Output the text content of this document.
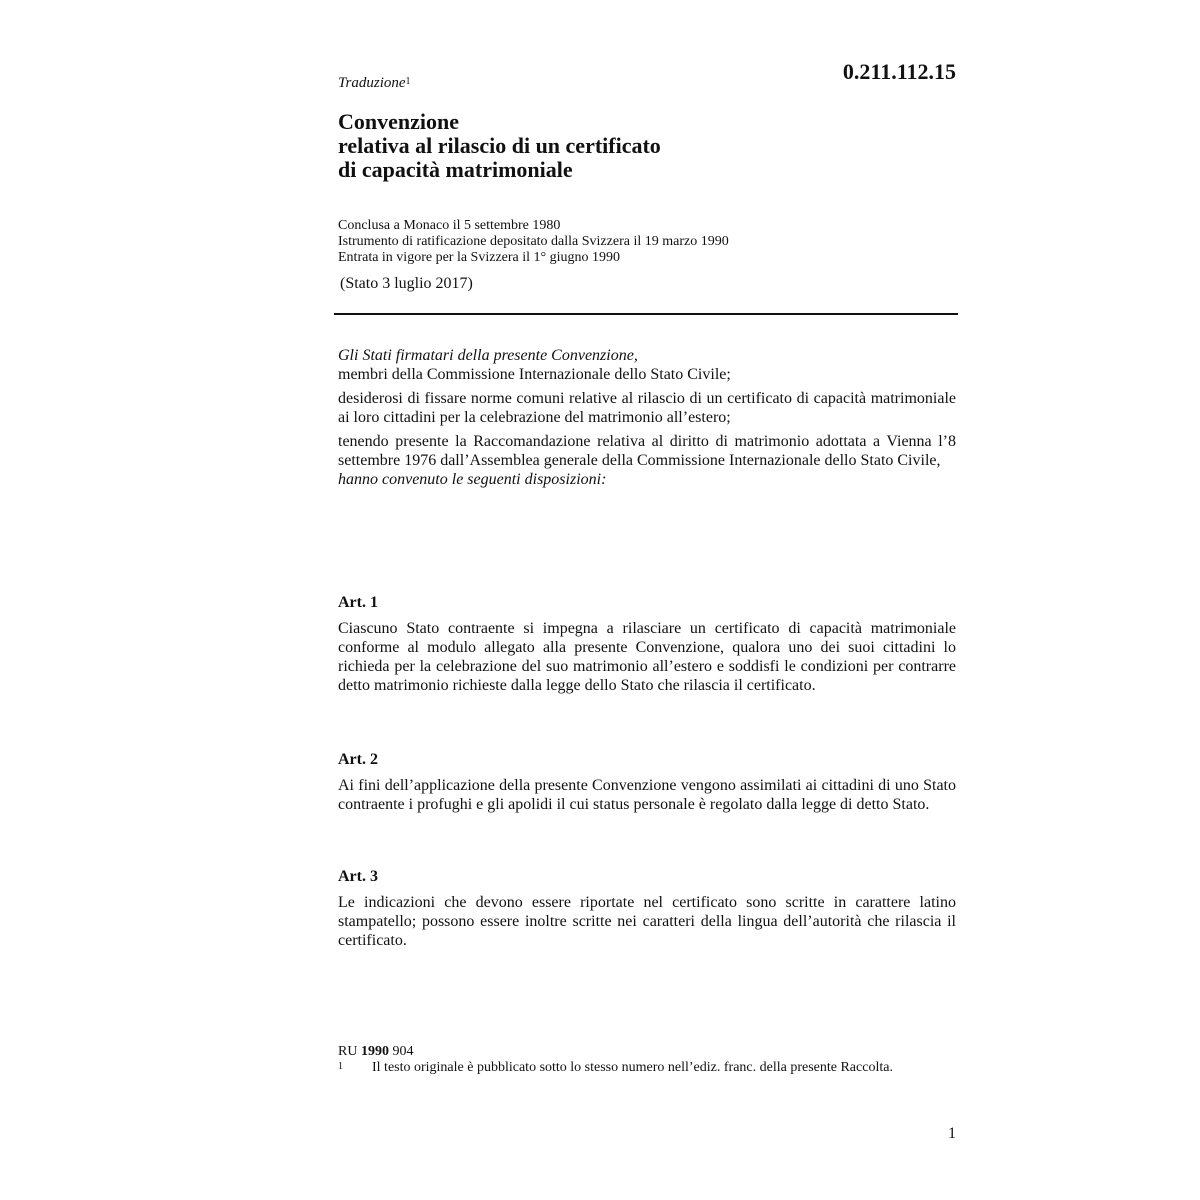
0.211.112.15
Traduzione$^1$
Convenzione
relativa al rilascio di un certificato
di capacità matrimoniale
Conclusa a Monaco il 5 settembre 1980
Istrumento di ratificazione depositato dalla Svizzera il 19 marzo 1990
Entrata in vigore per la Svizzera il 1° giugno 1990
(Stato 3 luglio 2017)

Gli Stati firmatari della presente Convenzione,
membri della Commissione Internazionale dello Stato Civile;

desiderosi di fissare norme comuni relative al rilascio di un certificato di capacità matrimoniale ai loro cittadini per la celebrazione del matrimonio all’estero;

tenendo presente la Raccomandazione relativa al diritto di matrimonio adottata a Vienna l’8 settembre 1976 dall’Assemblea generale della Commissione Internazionale dello Stato Civile,

hanno convenuto le seguenti disposizioni:

Art. 1
Ciascuno Stato contraente si impegna a rilasciare un certificato di capacità matrimoniale conforme al modulo allegato alla presente Convenzione, qualora uno dei suoi cittadini lo richieda per la celebrazione del suo matrimonio all’estero e soddisfi le condizioni per contrarre detto matrimonio richieste dalla legge dello Stato che rilascia il certificato.
Art. 2
Ai fini dell’applicazione della presente Convenzione vengono assimilati ai cittadini di uno Stato contraente i profughi e gli apolidi il cui status personale è regolato dalla legge di detto Stato.
Art. 3
Le indicazioni che devono essere riportate nel certificato sono scritte in carattere latino stampatello; possono essere inoltre scritte nei caratteri della lingua dell’autorità che rilascia il certificato.
RU 1990 904
1	Il testo originale è pubblicato sotto lo stesso numero nell’ediz. franc. della presente Raccolta.
1
